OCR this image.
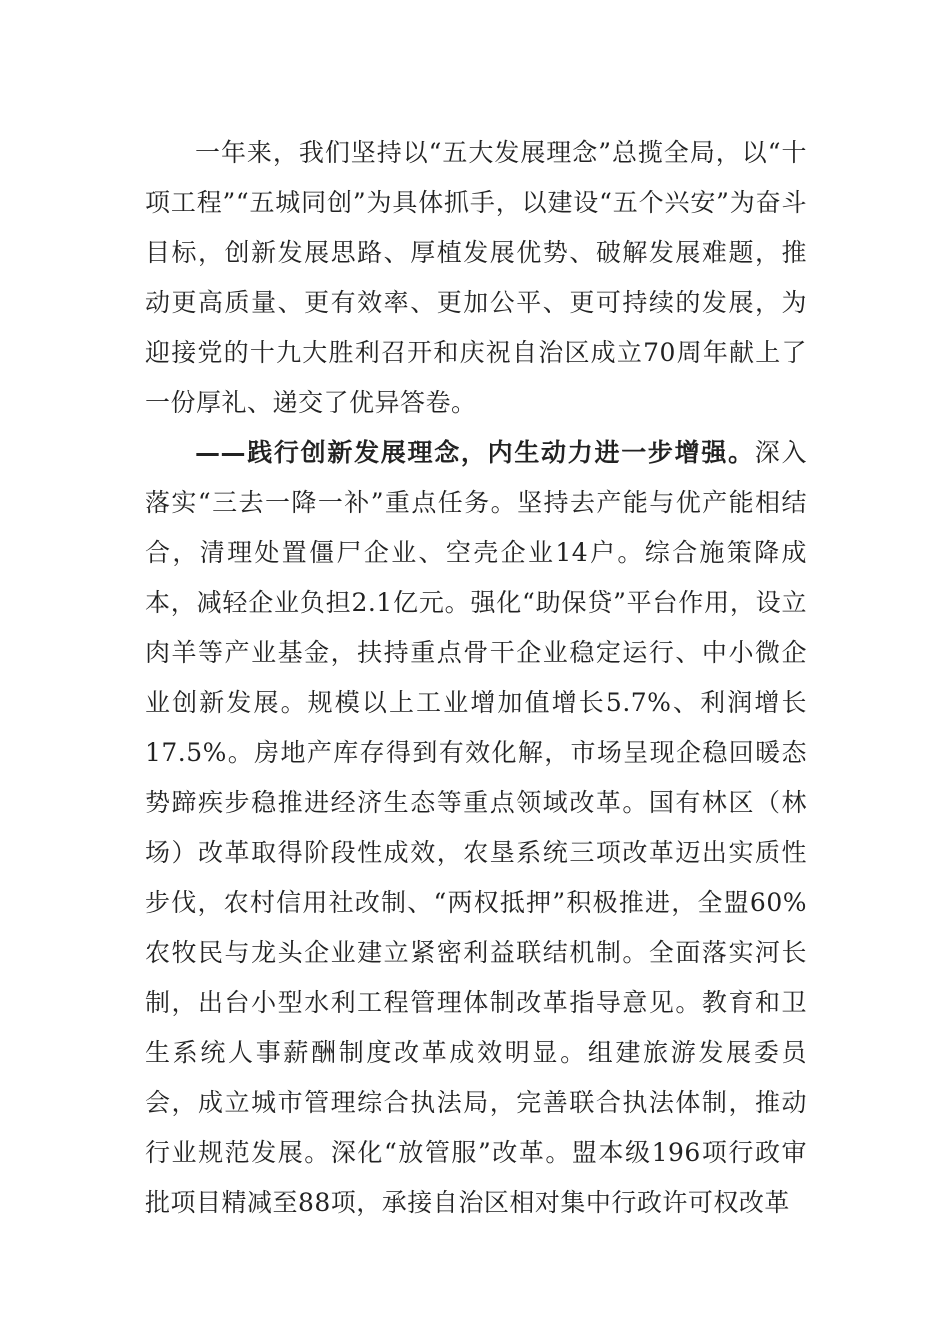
一年来，我们坚持以“五大发展理念”总揽全局，以“十项工程”“五城同创”为具体抓手，以建设“五个兴安”为奋斗目标，创新发展思路、厚植发展优势、破解发展难题，推动更高质量、更有效率、更加公平、更可持续的发展，为迎接党的十九大胜利召开和庆祝自治区成立70周年献上了一份厚礼、递交了优异答卷。

——践行创新发展理念，内生动力进一步增强。深入落实“三去一降一补”重点任务。坚持去产能与优产能相结合，清理处置僵尸企业、空壳企业14户。综合施策降成本，减轻企业负担2.1亿元。强化“助保贷”平台作用，设立肉羊等产业基金，扶持重点骨干企业稳定运行、中小微企业创新发展。规模以上工业增加值增长5.7%、利润增长17.5%。房地产库存得到有效化解，市场呈现企稳回暖态势蹄疾步稳推进经济生态等重点领域改革。国有林区（林场）改革取得阶段性成效，农垦系统三项改革迈出实质性步伐，农村信用社改制、“两权抵押”积极推进，全盟60%农牧民与龙头企业建立紧密利益联结机制。全面落实河长制，出台小型水利工程管理体制改革指导意见。教育和卫生系统人事薪酬制度改革成效明显。组建旅游发展委员会，成立城市管理综合执法局，完善联合执法体制，推动行业规范发展。深化“放管服”改革。盟本级196项行政审批项目精减至88项，承接自治区相对集中行政许可权改革
